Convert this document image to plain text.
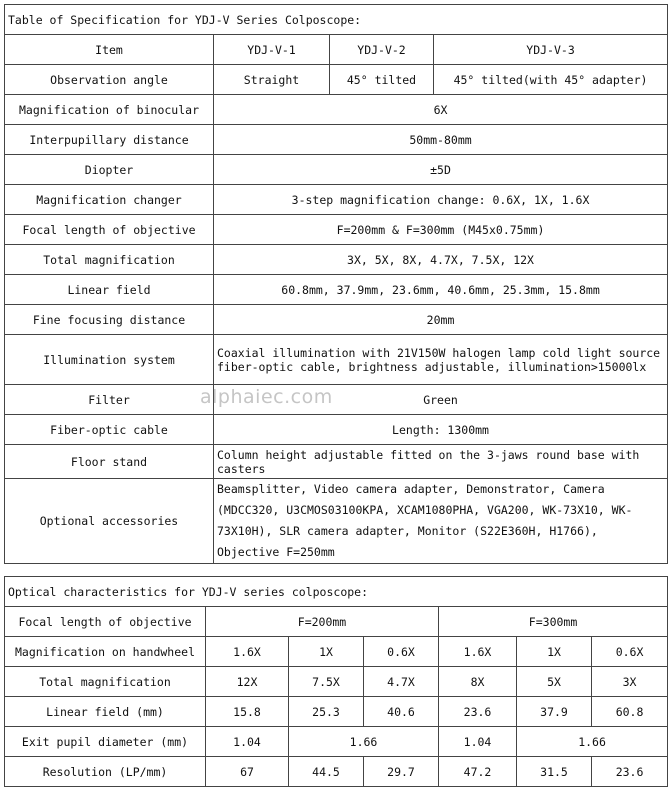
Table of Specification for YDJ-V Series Colposcope:			
Item	YDJ-V-1	YDJ-V-2	YDJ-V-3
Observation angle	Straight	45° tilted	45° tilted(with 45° adapter)
Magnification of binocular	6X		
Interpupillary distance	50mm-80mm		
Diopter	±5D		
Magnification changer	3-step magnification change: 0.6X, 1X, 1.6X		
Focal length of objective	F=200mm & F=300mm (M45x0.75mm)		
Total magnification	3X, 5X, 8X, 4.7X, 7.5X, 12X		
Linear field	60.8mm, 37.9mm, 23.6mm, 40.6mm, 25.3mm, 15.8mm		
Fine focusing distance	20mm		
Illumination system	Coaxial illumination with 21V150W halogen lamp cold light source fiber-optic cable, brightness adjustable, illumination>15000lx		
Filter	Green		
Fiber-optic cable	Length: 1300mm		
Floor stand	Column height adjustable fitted on the 3-jaws round base with casters		
Optional accessories	Beamsplitter, Video camera adapter, Demonstrator, Camera (MDCC320, U3CMOS03100KPA, XCAM1080PHA, VGA200, WK-73X10, WK-73X10H), SLR camera adapter, Monitor (S22E360H, H1766), Objective F=250mm		
alphaiec.com
Optical characteristics for YDJ-V series colposcope:						
Focal length of objective	F=200mm			F=300mm		
Magnification on handwheel	1.6X	1X	0.6X	1.6X	1X	0.6X
Total magnification	12X	7.5X	4.7X	8X	5X	3X
Linear field (mm)	15.8	25.3	40.6	23.6	37.9	60.8
Exit pupil diameter (mm)	1.04	1.66		1.04	1.66	
Resolution (LP/mm)	67	44.5	29.7	47.2	31.5	23.6
